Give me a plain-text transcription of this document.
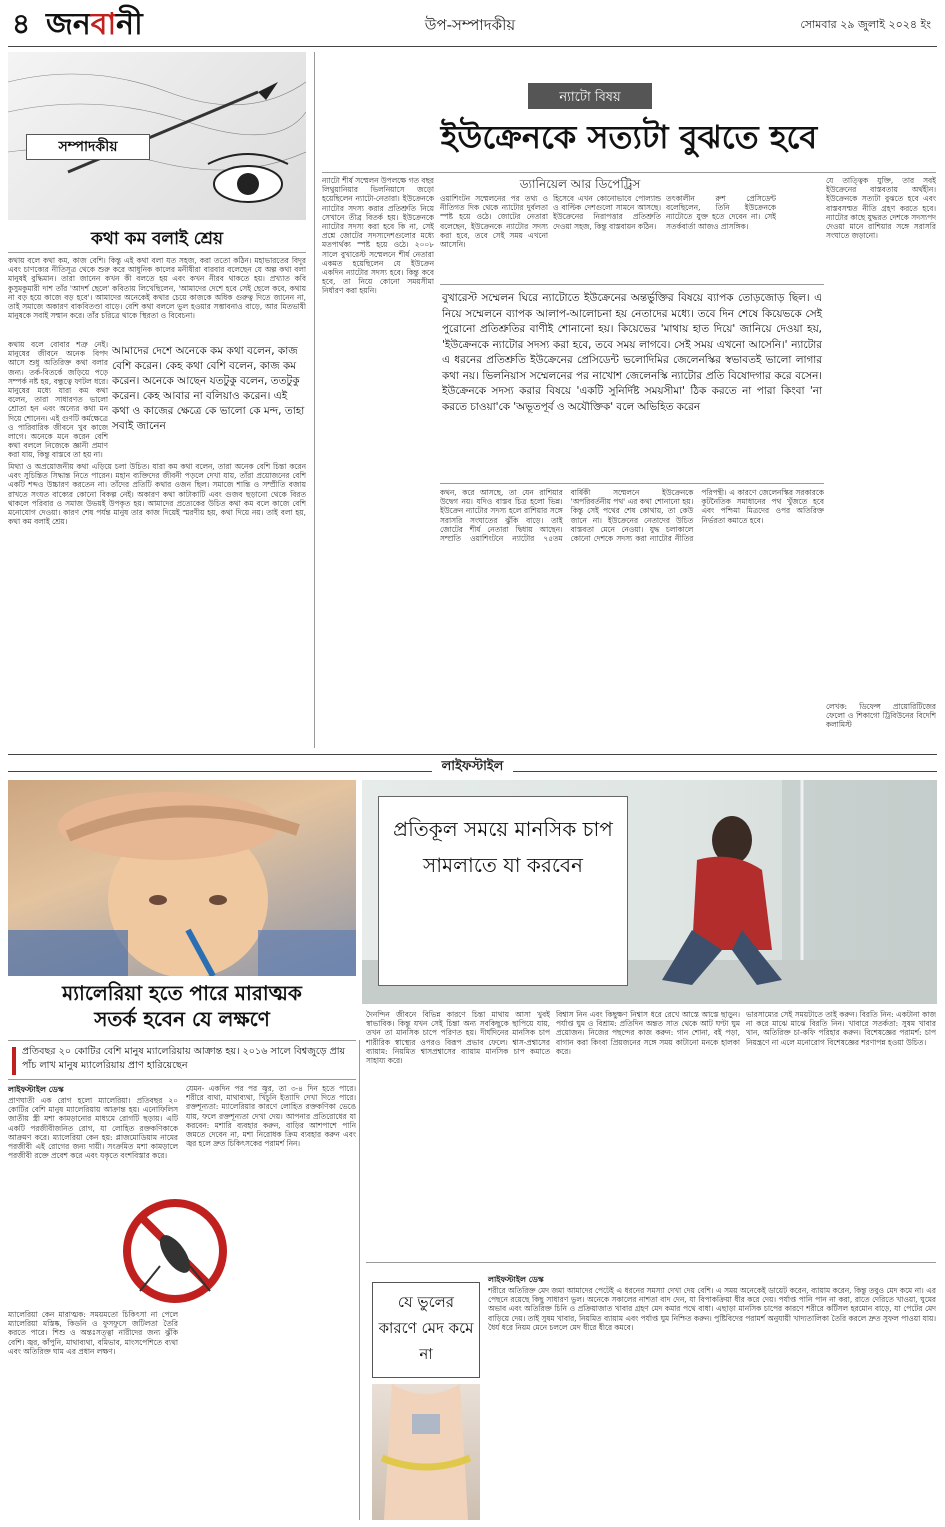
৪ জনবানী	উপ-সম্পাদকীয়	সোমবার ২৯ জুলাই ২০২৪ ইং
সম্পাদকীয়
কথা কম বলাই শ্রেয়
কথায় বলে কথা কম, কাজ বেশি। কিন্তু এই কথা বলা যত সহজ, করা ততো কঠিন। মহাভারতের বিদূর এবং চাণক্যের নীতিসূত্র থেকে শুরু করে আধুনিক কালের মনীষীরা বারবার বলেছেন যে অল্প কথা বলা মানুষই বুদ্ধিমান। তারা জানেন কখন কী বলতে হয় এবং কখন নীরব থাকতে হয়। প্রখ্যাত কবি কুসুমকুমারী দাশ তাঁর 'আদর্শ ছেলে' কবিতায় লিখেছিলেন, 'আমাদের দেশে হবে সেই ছেলে কবে, কথায় না বড় হয়ে কাজে বড় হবে'। আমাদের অনেকেই কথার চেয়ে কাজকে অধিক গুরুত্ব দিতে জানেন না, তাই সমাজে অকারণ বাকবিতণ্ডা বাড়ে। বেশি কথা বললে ভুল হওয়ার সম্ভাবনাও বাড়ে, আর মিতভাষী মানুষকে সবাই সম্মান করে। তাঁর চরিত্রে থাকে স্থিরতা ও বিবেচনা।
কথায় বলে বোবার শত্রু নেই। মানুষের জীবনে অনেক বিপদ আসে শুধু অতিরিক্ত কথা বলার জন্য। তর্ক-বিতর্কে জড়িয়ে পড়ে সম্পর্ক নষ্ট হয়, বন্ধুত্বে ফাটল ধরে। মানুষের মধ্যে যারা কম কথা বলেন, তারা সাধারণত ভালো শ্রোতা হন এবং অন্যের কথা মন দিয়ে শোনেন। এই গুণটি কর্মক্ষেত্রে ও পারিবারিক জীবনে খুব কাজে লাগে। অনেকে মনে করেন বেশি কথা বললে নিজেকে জ্ঞানী প্রমাণ করা যায়, কিন্তু বাস্তবে তা হয় না।
আমাদের দেশে অনেকে কম কথা বলেন, কাজ বেশি করেন। কেহ কথা বেশি বলেন, কাজ কম করেন। অনেকে আছেন যতটুকু বলেন, ততটুকু করেন। কেহ আবার না বলিয়াও করেন। এই কথা ও কাজের ক্ষেত্রে কে ভালো কে মন্দ, তাহা সবাই জানেন
মিথ্যা ও অপ্রয়োজনীয় কথা এড়িয়ে চলা উচিত। যারা কম কথা বলেন, তারা অনেক বেশি চিন্তা করেন এবং সুচিন্তিত সিদ্ধান্ত নিতে পারেন। মহান ব্যক্তিদের জীবনী পড়লে দেখা যায়, তাঁরা প্রয়োজনের বেশি একটি শব্দও উচ্চারণ করতেন না। তাঁদের প্রতিটি কথার ওজন ছিল। সমাজে শান্তি ও সম্প্রীতি বজায় রাখতে সংযত বাক্যের কোনো বিকল্প নেই। অকারণ কথা কাটাকাটি এবং গুজব ছড়ানো থেকে বিরত থাকলে পরিবার ও সমাজ উভয়ই উপকৃত হয়। আমাদের প্রত্যেকের উচিত কথা কম বলে কাজে বেশি মনোযোগ দেওয়া। কারণ শেষ পর্যন্ত মানুষ তার কাজ দিয়েই স্মরণীয় হয়, কথা দিয়ে নয়। তাই বলা হয়, কথা কম বলাই শ্রেয়।
ন্যাটো বিষয়
ইউক্রেনকে সত্যটা বুঝতে হবে
ড্যানিয়েল আর ডিপেট্রিস
ন্যাটো শীর্ষ সম্মেলন উপলক্ষে গত বছর লিথুয়ানিয়ার ভিলনিয়াসে জড়ো হয়েছিলেন ন্যাটো-নেতারা। ইউক্রেনকে ন্যাটোর সদস্য করার প্রতিশ্রুতি নিয়ে সেখানে তীব্র বিতর্ক হয়। ইউক্রেনকে ন্যাটোর সদস্য করা হবে কি না, সেই প্রশ্নে জোটের সদস্যদেশগুলোর মধ্যে মতপার্থক্য স্পষ্ট হয়ে ওঠে। ২০০৮ সালে বুখারেস্ট সম্মেলনে শীর্ষ নেতারা একমত হয়েছিলেন যে ইউক্রেন একদিন ন্যাটোর সদস্য হবে। কিন্তু কবে হবে, তা নিয়ে কোনো সময়সীমা নির্ধারণ করা হয়নি।
ওয়াশিংটন সম্মেলনের পর তথ্য ও নীতিগত দিক থেকে ন্যাটোর দুর্বলতা স্পষ্ট হয়ে ওঠে। জোটের নেতারা বলেছেন, ইউক্রেনকে ন্যাটোর সদস্য করা হবে, তবে সেই সময় এখনো আসেনি।
হিসেবে এখন কোনোভাবে পোল্যান্ড ও বাল্টিক দেশগুলো সামনে আসছে। ইউক্রেনের নিরাপত্তার প্রতিশ্রুতি দেওয়া সহজ, কিন্তু বাস্তবায়ন কঠিন।
তৎকালীন রুশ প্রেসিডেন্ট বলেছিলেন, তিনি ইউক্রেনকে ন্যাটোতে যুক্ত হতে দেবেন না। সেই সতর্কবার্তা আজও প্রাসঙ্গিক।
যে তাত্ত্বিক যুক্তি, তার সবই ইউক্রেনের বাস্তবতায় অর্থহীন। ইউক্রেনকে সত্যটা বুঝতে হবে এবং বাস্তবসম্মত নীতি গ্রহণ করতে হবে। ন্যাটোর কাছে যুদ্ধরত দেশকে সদস্যপদ দেওয়া মানে রাশিয়ার সঙ্গে সরাসরি সংঘাতে জড়ানো।
বুখারেস্ট সম্মেলন ঘিরে ন্যাটোতে ইউক্রেনের অন্তর্ভুক্তির বিষয়ে ব্যাপক তোড়জোড় ছিল। এ নিয়ে সম্মেলনে ব্যাপক আলাপ-আলোচনা হয় নেতাদের মধ্যে। তবে দিন শেষে কিয়েভকে সেই পুরোনো প্রতিশ্রুতির বাণীই শোনানো হয়। কিয়েভের 'মাথায় হাত দিয়ে' জানিয়ে দেওয়া হয়, 'ইউক্রেনকে ন্যাটোর সদস্য করা হবে, তবে সময় লাগবে। সেই সময় এখনো আসেনি।' ন্যাটোর এ ধরনের প্রতিশ্রুতি ইউক্রেনের প্রেসিডেন্ট ভলোদিমির জেলেনস্কির স্বভাবতই ভালো লাগার কথা নয়। ভিলনিয়াস সম্মেলনের পর নাখোশ জেলেনস্কি ন্যাটোর প্রতি বিষোদগার করে বসেন। ইউক্রেনকে সদস্য করার বিষয়ে 'একটি সুনির্দিষ্ট সময়সীমা' ঠিক করতে না পারা কিংবা 'না করতে চাওয়া'কে 'অভূতপূর্ব ও অযৌক্তিক' বলে অভিহিত করেন
কথন, করে আসছে, তা যেন রাশিয়ার উদ্বেগ নয়। যদিও বাস্তব চিত্র হলো ভিন্ন। ইউক্রেন ন্যাটোর সদস্য হলে রাশিয়ার সঙ্গে সরাসরি সংঘাতের ঝুঁকি বাড়ে। তাই জোটের শীর্ষ নেতারা দ্বিধায় আছেন। সম্প্রতি ওয়াশিংটনে ন্যাটোর ৭৫তম বার্ষিকী সম্মেলনে ইউক্রেনকে 'অপরিবর্তনীয় পথ' এর কথা শোনানো হয়। কিন্তু সেই পথের শেষ কোথায়, তা কেউ জানে না। ইউক্রেনের নেতাদের উচিত বাস্তবতা মেনে নেওয়া। যুদ্ধ চলাকালে কোনো দেশকে সদস্য করা ন্যাটোর নীতির পরিপন্থী। এ কারণে জেলেনস্কির সরকারকে কূটনৈতিক সমাধানের পথ খুঁজতে হবে এবং পশ্চিমা মিত্রদের ওপর অতিরিক্ত নির্ভরতা কমাতে হবে।
লেখক: ডিফেন্স প্রায়োরিটিজের ফেলো ও শিকাগো ট্রিবিউনের বিদেশি কলামিস্ট
লাইফস্টাইল
প্রতিকূল সময়ে মানসিক চাপ সামলাতে যা করবেন
ম্যালেরিয়া হতে পারে মারাত্মক
সতর্ক হবেন যে লক্ষণে
প্রতিবছর ২০ কোটির বেশি মানুষ ম্যালেরিয়ায় আক্রান্ত হয়। ২০১৬ সালে বিশ্বজুড়ে প্রায় পাঁচ লাখ মানুষ ম্যালেরিয়ায় প্রাণ হারিয়েছেন
লাইফস্টাইল ডেস্ক
প্রাণঘাতী এক রোগ হলো ম্যালেরিয়া। প্রতিবছর ২০ কোটির বেশি মানুষ ম্যালেরিয়ায় আক্রান্ত হয়। এনোফিলিস জাতীয় স্ত্রী মশা কামড়ানোর মাধ্যমে রোগটি ছড়ায়। এটি একটি পরজীবীজনিত রোগ, যা লোহিত রক্তকণিকাকে আক্রমণ করে। ম্যালেরিয়া কেন হয়: প্লাজমোডিয়াম নামের পরজীবী এই রোগের জন্য দায়ী। সংক্রমিত মশা কামড়ালে পরজীবী রক্তে প্রবেশ করে এবং যকৃতে বংশবিস্তার করে।
ম্যালেরিয়া কেন মারাত্মক: সময়মতো চিকিৎসা না পেলে ম্যালেরিয়া মস্তিষ্ক, কিডনি ও ফুসফুসে জটিলতা তৈরি করতে পারে। শিশু ও অন্তঃসত্ত্বা নারীদের জন্য ঝুঁকি বেশি। জ্বর, কাঁপুনি, মাথাব্যথা, বমিভাব, মাংসপেশিতে ব্যথা এবং অতিরিক্ত ঘাম এর প্রধান লক্ষণ।
যেমন- একদিন পর পর জ্বর, তা ৩-৪ দিন হতে পারে। শরীরে ব্যথা, মাথাব্যথা, খিঁচুনি ইত্যাদি দেখা দিতে পারে। রক্তশূন্যতা: ম্যালেরিয়ার কারণে লোহিত রক্তকণিকা ভেঙে যায়, ফলে রক্তশূন্যতা দেখা দেয়। আপনার প্রতিরোধের যা করবেন: মশারি ব্যবহার করুন, বাড়ির আশপাশে পানি জমতে দেবেন না, মশা নিরোধক ক্রিম ব্যবহার করুন এবং জ্বর হলে দ্রুত চিকিৎসকের পরামর্শ নিন।
দৈনন্দিন জীবনে বিভিন্ন কারণে চিন্তা মাথায় আসা খুবই স্বাভাবিক। কিন্তু যখন সেই চিন্তা অন্য সবকিছুকে ছাপিয়ে যায়, তখন তা মানসিক চাপে পরিণত হয়। দীর্ঘদিনের মানসিক চাপ শারীরিক স্বাস্থ্যের ওপরও বিরূপ প্রভাব ফেলে। শ্বাস-প্রশ্বাসের ব্যায়াম: নিয়মিত শ্বাসপ্রশ্বাসের ব্যায়াম মানসিক চাপ কমাতে সাহায্য করে।
বিশ্বাস নিন এবং কিছুক্ষণ নিশ্বাস ধরে রেখে আস্তে আস্তে ছাড়ুন। পর্যাপ্ত ঘুম ও বিশ্রাম: প্রতিদিন অন্তত সাত থেকে আট ঘণ্টা ঘুম প্রয়োজন। নিজের পছন্দের কাজ করুন: গান শোনা, বই পড়া, বাগান করা কিংবা প্রিয়জনের সঙ্গে সময় কাটানো মনকে হালকা করে।
ভারসাম্যের সেই সময়টাতে তাই করুন। বিরতি নিন: একটানা কাজ না করে মাঝে মাঝে বিরতি নিন। খাবারে সতর্কতা: সুষম খাবার খান, অতিরিক্ত চা-কফি পরিহার করুন। বিশেষজ্ঞের পরামর্শ: চাপ নিয়ন্ত্রণে না এলে মনোরোগ বিশেষজ্ঞের শরণাপন্ন হওয়া উচিত।
যে ভুলের কারণে মেদ কমে না
লাইফস্টাইল ডেস্ক
শরীরে অতিরিক্ত মেদ জমা আমাদের পেটেই এ ধরনের সমস্যা দেখা দেয় বেশি। এ সময় অনেকেই ডায়েট করেন, ব্যায়াম করেন, কিন্তু তবুও মেদ কমে না। এর পেছনে রয়েছে কিছু সাধারণ ভুল। অনেকে সকালের নাশতা বাদ দেন, যা বিপাকক্রিয়া ধীর করে দেয়। পর্যাপ্ত পানি পান না করা, রাতে দেরিতে খাওয়া, ঘুমের অভাব এবং অতিরিক্ত চিনি ও প্রক্রিয়াজাত খাবার গ্রহণ মেদ কমার পথে বাধা। এছাড়া মানসিক চাপের কারণে শরীরে কর্টিসল হরমোন বাড়ে, যা পেটের মেদ বাড়িয়ে দেয়। তাই সুষম খাবার, নিয়মিত ব্যায়াম এবং পর্যাপ্ত ঘুম নিশ্চিত করুন। পুষ্টিবিদের পরামর্শ অনুযায়ী খাদ্যতালিকা তৈরি করলে দ্রুত সুফল পাওয়া যায়। ধৈর্য ধরে নিয়ম মেনে চললে মেদ ধীরে ধীরে কমবে।
